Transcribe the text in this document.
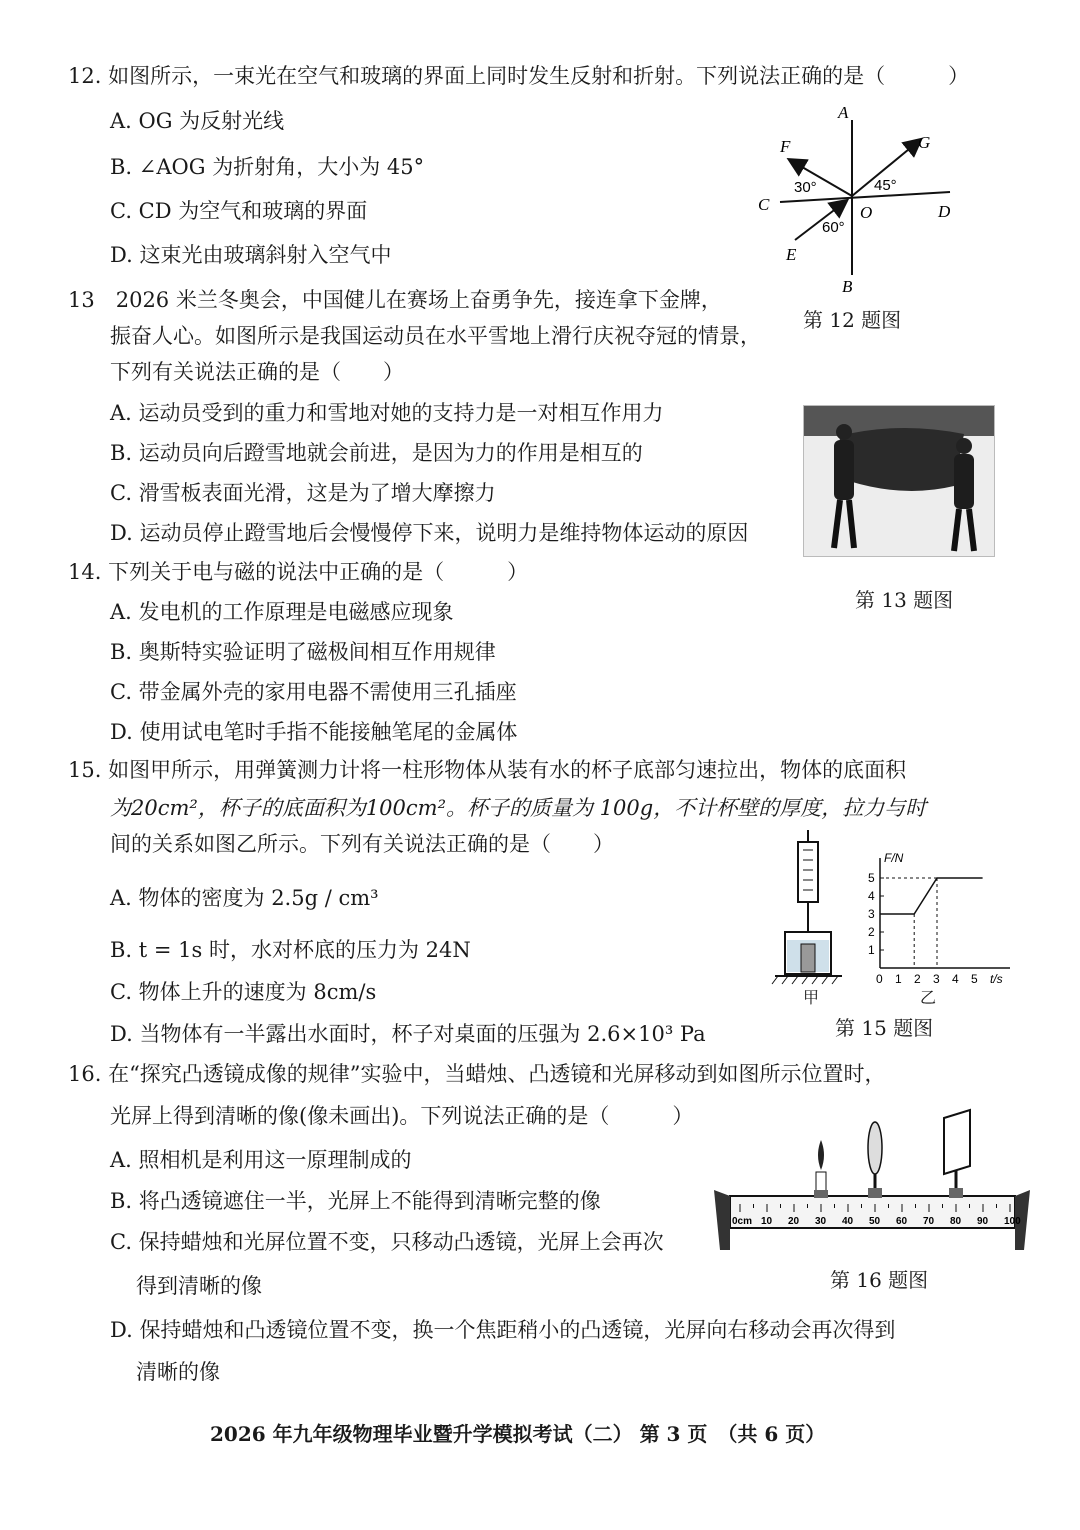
12. 如图所示，一束光在空气和玻璃的界面上同时发生反射和折射。下列说法正确的是（　　　）
A. OG 为反射光线
B. ∠AOG 为折射角，大小为 45°
C. CD 为空气和玻璃的界面
D. 这束光由玻璃斜射入空气中
A
B
C	D
E
F	G
O
30°	45°
60°
第 12 题图
13　2026 米兰冬奥会，中国健儿在赛场上奋勇争先，接连拿下金牌，
振奋人心。如图所示是我国运动员在水平雪地上滑行庆祝夺冠的情景，
下列有关说法正确的是（　　）
A. 运动员受到的重力和雪地对她的支持力是一对相互作用力
B. 运动员向后蹬雪地就会前进，是因为力的作用是相互的
C. 滑雪板表面光滑，这是为了增大摩擦力
D. 运动员停止蹬雪地后会慢慢停下来，说明力是维持物体运动的原因
第 13 题图
14. 下列关于电与磁的说法中正确的是（　　　）
A. 发电机的工作原理是电磁感应现象
B. 奥斯特实验证明了磁极间相互作用规律
C. 带金属外壳的家用电器不需使用三孔插座
D. 使用试电笔时手指不能接触笔尾的金属体
15. 如图甲所示，用弹簧测力计将一柱形物体从装有水的杯子底部匀速拉出，物体的底面积
为20cm²，杯子的底面积为100cm²。杯子的质量为 100g，不计杯壁的厚度，拉力与时
间的关系如图乙所示。下列有关说法正确的是（　　）
A. 物体的密度为 2.5g / cm³
B. t = 1s 时，水对杯底的压力为 24N
C. 物体上升的速度为 8cm/s
D. 当物体有一半露出水面时，杯子对桌面的压强为 2.6×10³ Pa
甲
F/N
t/s
1
2
3
4
5
0 1 2 3 4 5
乙
第 15 题图
16. 在“探究凸透镜成像的规律”实验中，当蜡烛、凸透镜和光屏移动到如图所示位置时，
光屏上得到清晰的像(像未画出)。下列说法正确的是（　　　）
A. 照相机是利用这一原理制成的
B. 将凸透镜遮住一半，光屏上不能得到清晰完整的像
C. 保持蜡烛和光屏位置不变，只移动凸透镜，光屏上会再次
得到清晰的像
D. 保持蜡烛和凸透镜位置不变，换一个焦距稍小的凸透镜，光屏向右移动会再次得到
清晰的像
0cm 10 20 30 40 50 60 70 80 90 100
第 16 题图
2026 年九年级物理毕业暨升学模拟考试（二） 第 3 页　（共 6 页）
